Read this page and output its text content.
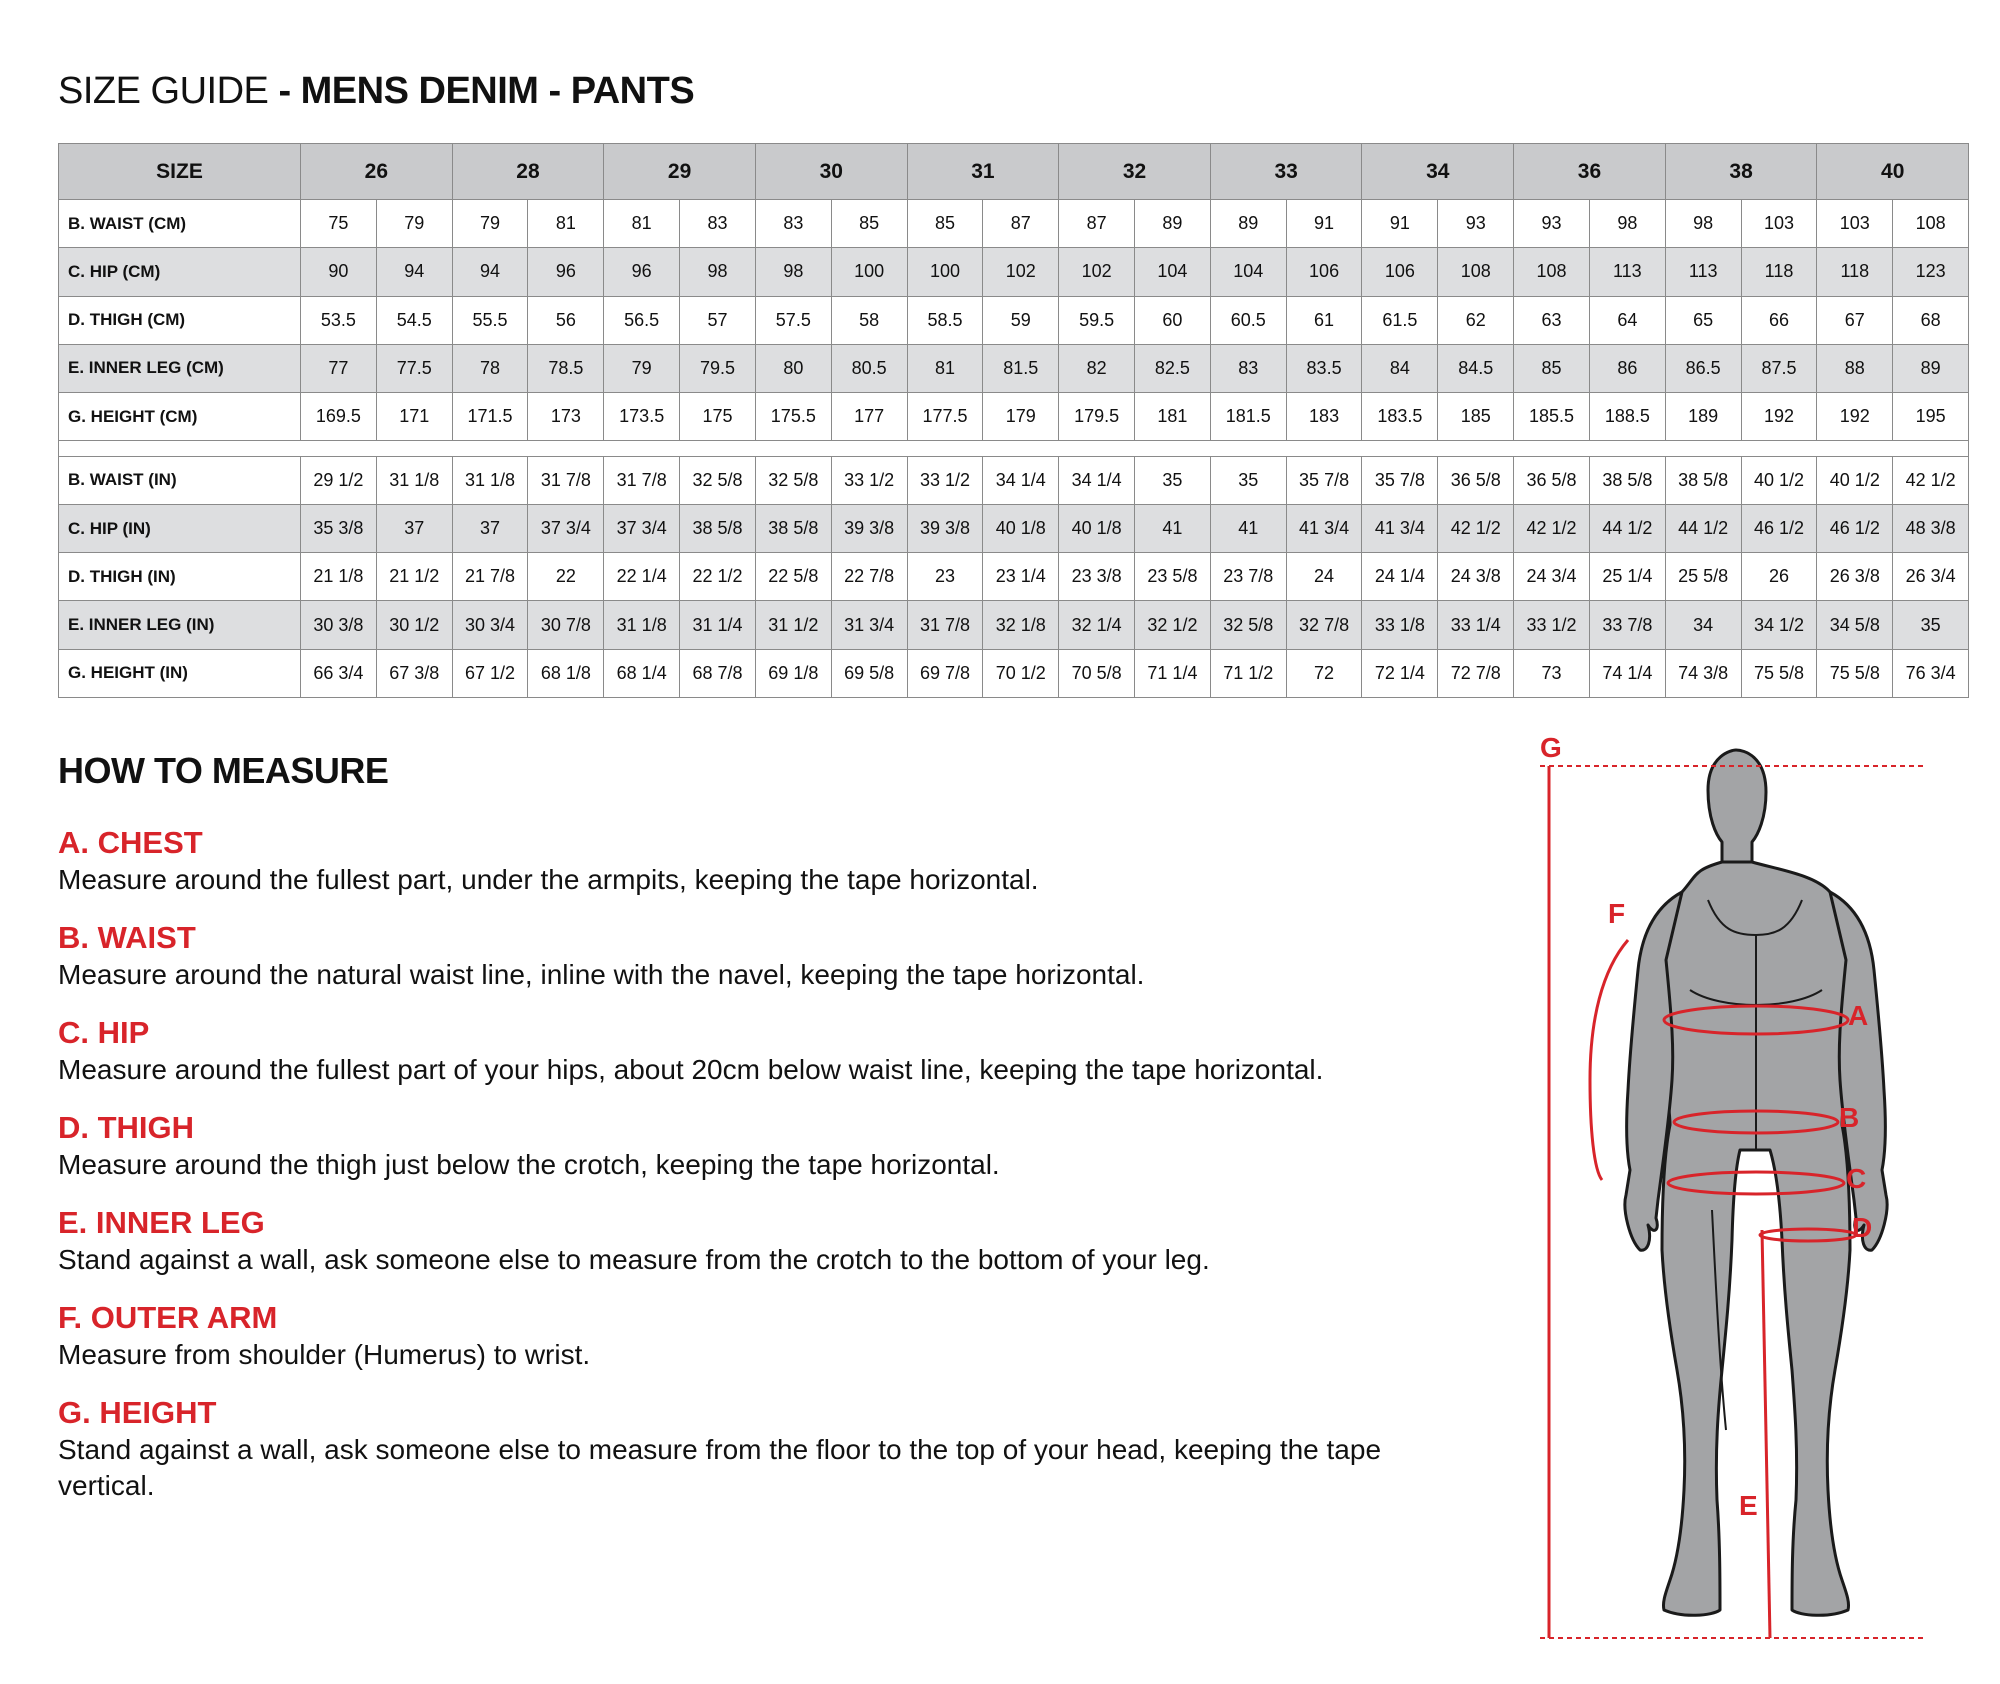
SIZE GUIDE - MENS DENIM - PANTS
SIZE	26		28		29		30		31		32		33		34		36		38		40	
B. WAIST (CM)	75	79	79	81	81	83	83	85	85	87	87	89	89	91	91	93	93	98	98	103	103	108
C. HIP (CM)	90	94	94	96	96	98	98	100	100	102	102	104	104	106	106	108	108	113	113	118	118	123
D. THIGH (CM)	53.5	54.5	55.5	56	56.5	57	57.5	58	58.5	59	59.5	60	60.5	61	61.5	62	63	64	65	66	67	68
E. INNER LEG (CM)	77	77.5	78	78.5	79	79.5	80	80.5	81	81.5	82	82.5	83	83.5	84	84.5	85	86	86.5	87.5	88	89
G. HEIGHT (CM)	169.5	171	171.5	173	173.5	175	175.5	177	177.5	179	179.5	181	181.5	183	183.5	185	185.5	188.5	189	192	192	195

B. WAIST (IN)	29 1/2	31 1/8	31 1/8	31 7/8	31 7/8	32 5/8	32 5/8	33 1/2	33 1/2	34 1/4	34 1/4	35	35	35 7/8	35 7/8	36 5/8	36 5/8	38 5/8	38 5/8	40 1/2	40 1/2	42 1/2
C. HIP (IN)	35 3/8	37	37	37 3/4	37 3/4	38 5/8	38 5/8	39 3/8	39 3/8	40 1/8	40 1/8	41	41	41 3/4	41 3/4	42 1/2	42 1/2	44 1/2	44 1/2	46 1/2	46 1/2	48 3/8
D. THIGH (IN)	21 1/8	21 1/2	21 7/8	22	22 1/4	22 1/2	22 5/8	22 7/8	23	23 1/4	23 3/8	23 5/8	23 7/8	24	24 1/4	24 3/8	24 3/4	25 1/4	25 5/8	26	26 3/8	26 3/4
E. INNER LEG (IN)	30 3/8	30 1/2	30 3/4	30 7/8	31 1/8	31 1/4	31 1/2	31 3/4	31 7/8	32 1/8	32 1/4	32 1/2	32 5/8	32 7/8	33 1/8	33 1/4	33 1/2	33 7/8	34	34 1/2	34 5/8	35
G. HEIGHT (IN)	66 3/4	67 3/8	67 1/2	68 1/8	68 1/4	68 7/8	69 1/8	69 5/8	69 7/8	70 1/2	70 5/8	71 1/4	71 1/2	72	72 1/4	72 7/8	73	74 1/4	74 3/8	75 5/8	75 5/8	76 3/4
HOW TO MEASURE
A. CHEST
Measure around the fullest part, under the armpits, keeping the tape horizontal.
B. WAIST
Measure around the natural waist line, inline with the navel, keeping the tape horizontal.
C. HIP
Measure around the fullest part of your hips, about 20cm below waist line, keeping the tape horizontal.
D. THIGH
Measure around the thigh just below the crotch, keeping the tape horizontal.
E. INNER LEG
Stand against a wall, ask someone else to measure from the crotch to the bottom of your leg.
F. OUTER ARM
Measure from shoulder (Humerus) to wrist.
G. HEIGHT
Stand against a wall, ask someone else to measure from the floor to the top of your head, keeping the tape vertical.
G
F
A
B
C
D
E
